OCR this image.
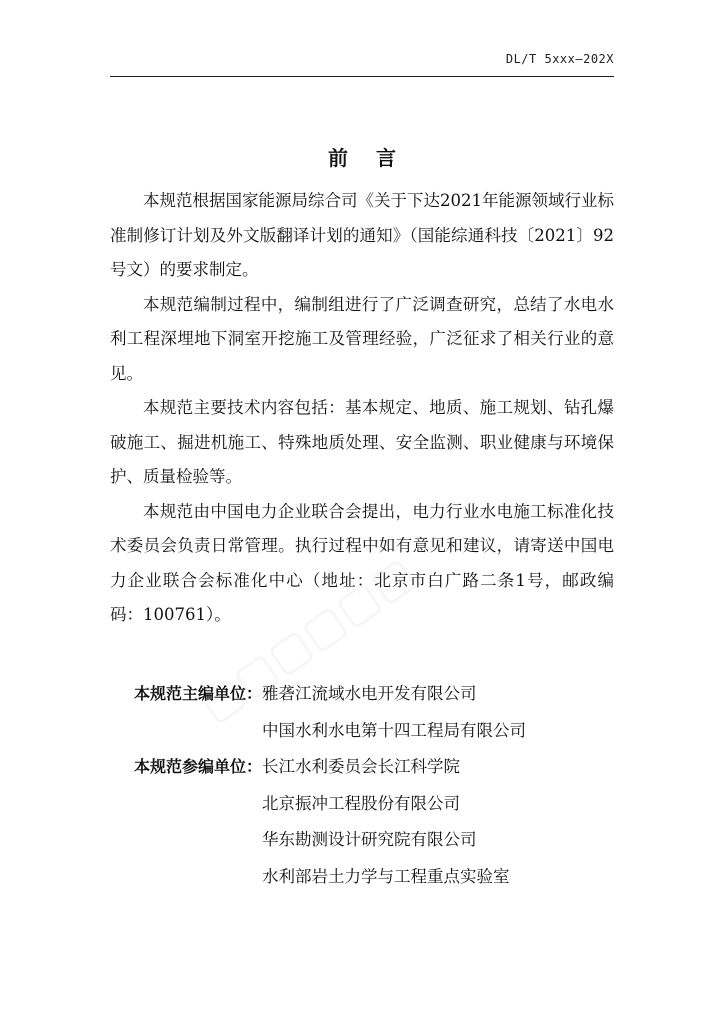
DL/T 5xxx—202X
前言

本规范根据国家能源局综合司《关于下达2021年能源领域行业标准制修订计划及外文版翻译计划的通知》（国能综通科技〔2021〕92号文）的要求制定。

本规范编制过程中，编制组进行了广泛调查研究，总结了水电水利工程深埋地下洞室开挖施工及管理经验，广泛征求了相关行业的意见。

本规范主要技术内容包括：基本规定、地质、施工规划、钻孔爆破施工、掘进机施工、特殊地质处理、安全监测、职业健康与环境保护、质量检验等。

本规范由中国电力企业联合会提出，电力行业水电施工标准化技术委员会负责日常管理。执行过程中如有意见和建议，请寄送中国电力企业联合会标准化中心（地址：北京市白广路二条1号，邮政编码：100761）。

本规范主编单位： 雅砻江流域水电开发有限公司
中国水利水电第十四工程局有限公司
本规范参编单位： 长江水利委员会长江科学院
北京振冲工程股份有限公司
华东勘测设计研究院有限公司
水利部岩土力学与工程重点实验室
